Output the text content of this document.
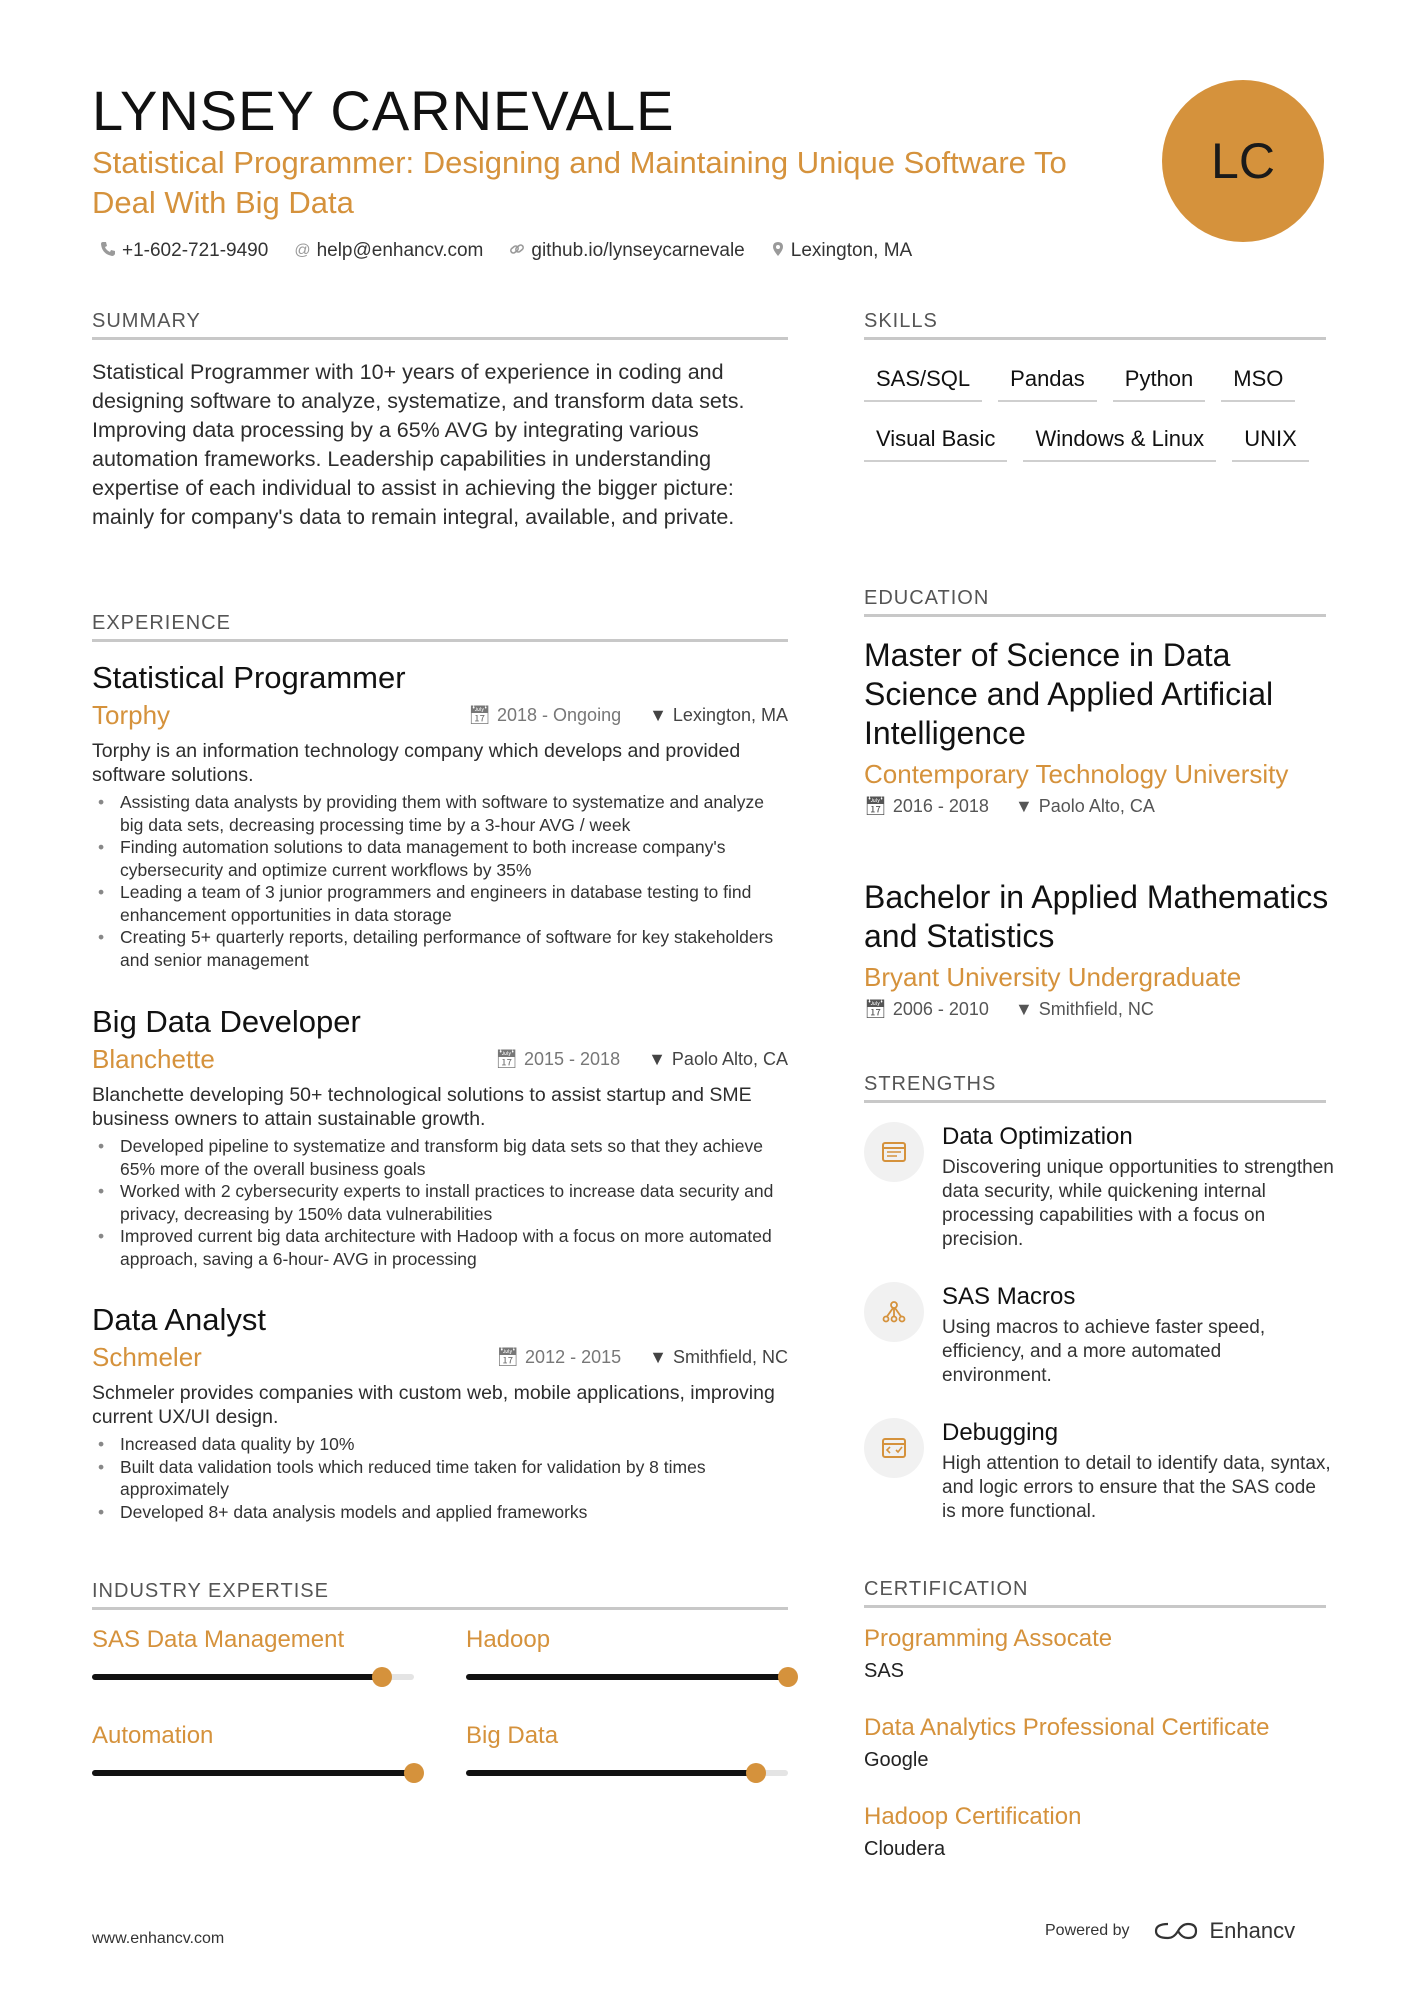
LYNSEY CARNEVALE
Statistical Programmer: Designing and Maintaining Unique Software To Deal With Big Data
+1-602-721-9490 @ help@enhancv.com	github.io/lynseycarnevale Lexington, MA
LC
SUMMARY
Statistical Programmer with 10+ years of experience in coding and designing software to analyze, systematize, and transform data sets. Improving data processing by a 65% AVG by integrating various automation frameworks. Leadership capabilities in understanding expertise of each individual to assist in achieving the bigger picture: mainly for company's data to remain integral, available, and private.
EXPERIENCE
Statistical Programmer
Torphy	📅︎ 2018 - Ongoing ▼ Lexington, MA
Torphy is an information technology company which develops and provided software solutions.
• Assisting data analysts by providing them with software to systematize and analyze big data sets, decreasing processing time by a 3-hour AVG / week
• Finding automation solutions to data management to both increase company's cybersecurity and optimize current workflows by 35%
• Leading a team of 3 junior programmers and engineers in database testing to find enhancement opportunities in data storage
• Creating 5+ quarterly reports, detailing performance of software for key stakeholders and senior management
Big Data Developer
Blanchette	📅︎ 2015 - 2018 ▼ Paolo Alto, CA
Blanchette developing 50+ technological solutions to assist startup and SME business owners to attain sustainable growth.
• Developed pipeline to systematize and transform big data sets so that they achieve 65% more of the overall business goals
• Worked with 2 cybersecurity experts to install practices to increase data security and privacy, decreasing by 150% data vulnerabilities
• Improved current big data architecture with Hadoop with a focus on more automated approach, saving a 6-hour- AVG in processing
Data Analyst
Schmeler	📅︎ 2012 - 2015 ▼ Smithfield, NC
Schmeler provides companies with custom web, mobile applications, improving current UX/UI design.
• Increased data quality by 10%
• Built data validation tools which reduced time taken for validation by 8 times approximately
• Developed 8+ data analysis models and applied frameworks
INDUSTRY EXPERTISE
SAS Data Management	Hadoop
Automation	Big Data
SKILLS
SAS/SQL	Pandas	Python	MSO
Visual Basic	Windows & Linux	UNIX
EDUCATION
Master of Science in Data Science and Applied Artificial Intelligence
Contemporary Technology University
📅︎ 2016 - 2018 ▼ Paolo Alto, CA
Bachelor in Applied Mathematics and Statistics
Bryant University Undergraduate
📅︎ 2006 - 2010 ▼ Smithfield, NC
STRENGTHS
Data Optimization
Discovering unique opportunities to strengthen data security, while quickening internal processing capabilities with a focus on precision.
SAS Macros
Using macros to achieve faster speed, efficiency, and a more automated environment.
Debugging
High attention to detail to identify data, syntax, and logic errors to ensure that the SAS code is more functional.
CERTIFICATION
Programming Assocate
SAS
Data Analytics Professional Certificate
Google
Hadoop Certification
Cloudera
www.enhancv.com	Powered by	Enhancv
